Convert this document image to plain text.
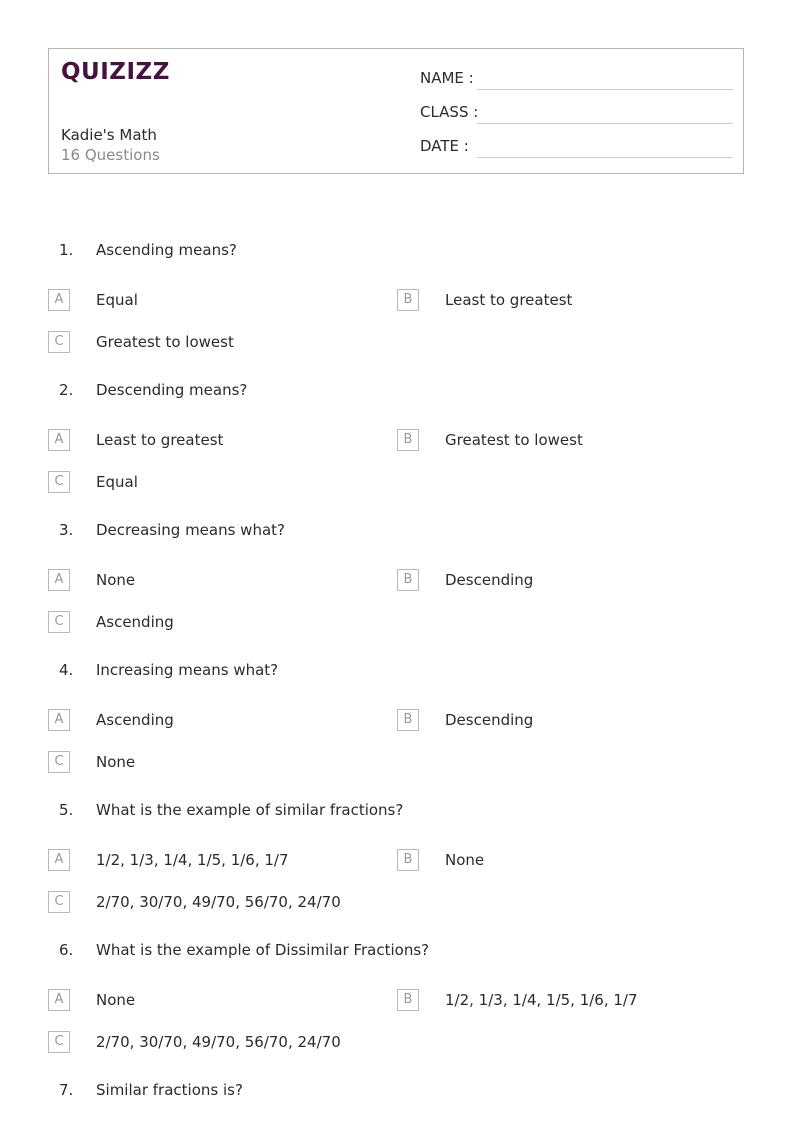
QUIZIZZ
Kadie's Math
16 Questions
NAME :
CLASS :
DATE :
1. Ascending means?
A	Equal	B	Least to greatest
C	Greatest to lowest
2. Descending means?
A	Least to greatest	B	Greatest to lowest
C	Equal
3. Decreasing means what?
A	None	B	Descending
C	Ascending
4. Increasing means what?
A	Ascending	B	Descending
C	None
5. What is the example of similar fractions?
A	1/2, 1/3, 1/4, 1/5, 1/6, 1/7	B	None
C	2/70, 30/70, 49/70, 56/70, 24/70
6. What is the example of Dissimilar Fractions?
A	None	B	1/2, 1/3, 1/4, 1/5, 1/6, 1/7
C	2/70, 30/70, 49/70, 56/70, 24/70
7. Similar fractions is?
